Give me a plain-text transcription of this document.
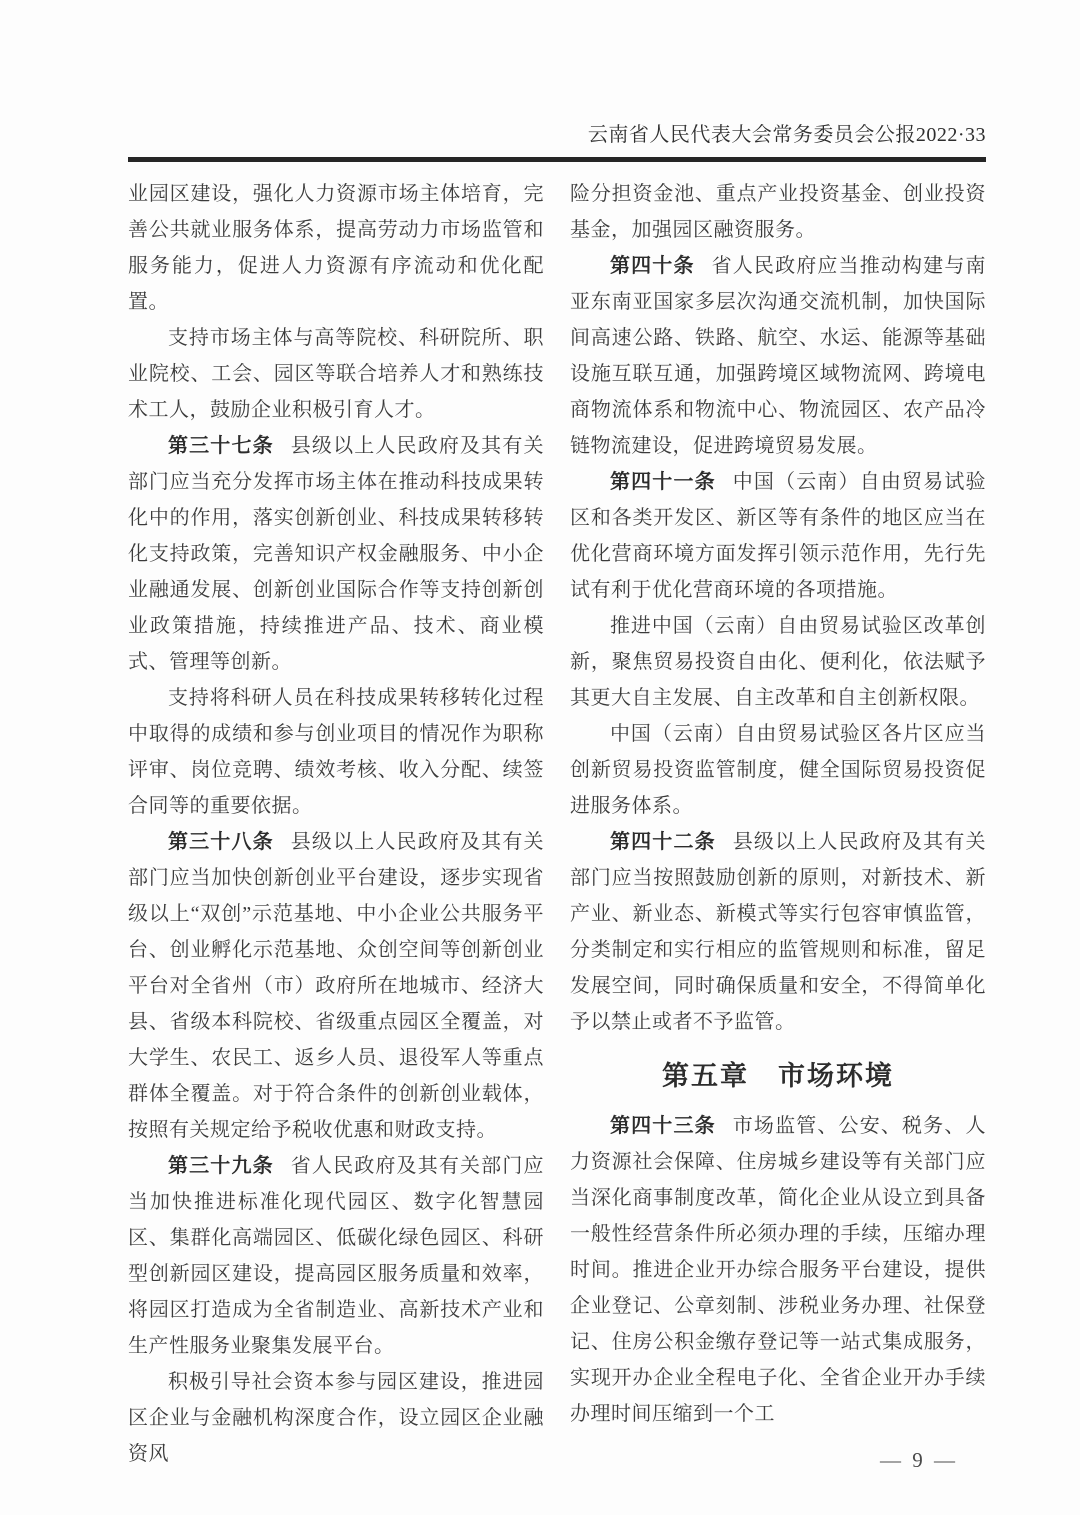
云南省人民代表大会常务委员会公报2022·33

业园区建设，强化人力资源市场主体培育，完善公共就业服务体系，提高劳动力市场监管和服务能力，促进人力资源有序流动和优化配置。

支持市场主体与高等院校、科研院所、职业院校、工会、园区等联合培养人才和熟练技术工人，鼓励企业积极引育人才。

第三十七条 县级以上人民政府及其有关部门应当充分发挥市场主体在推动科技成果转化中的作用，落实创新创业、科技成果转移转化支持政策，完善知识产权金融服务、中小企业融通发展、创新创业国际合作等支持创新创业政策措施，持续推进产品、技术、商业模式、管理等创新。

支持将科研人员在科技成果转移转化过程中取得的成绩和参与创业项目的情况作为职称评审、岗位竞聘、绩效考核、收入分配、续签合同等的重要依据。

第三十八条 县级以上人民政府及其有关部门应当加快创新创业平台建设，逐步实现省级以上“双创”示范基地、中小企业公共服务平台、创业孵化示范基地、众创空间等创新创业平台对全省州（市）政府所在地城市、经济大县、省级本科院校、省级重点园区全覆盖，对大学生、农民工、返乡人员、退役军人等重点群体全覆盖。对于符合条件的创新创业载体，按照有关规定给予税收优惠和财政支持。

第三十九条 省人民政府及其有关部门应当加快推进标准化现代园区、数字化智慧园区、集群化高端园区、低碳化绿色园区、科研型创新园区建设，提高园区服务质量和效率，将园区打造成为全省制造业、高新技术产业和生产性服务业聚集发展平台。

积极引导社会资本参与园区建设，推进园区企业与金融机构深度合作，设立园区企业融资风

险分担资金池、重点产业投资基金、创业投资基金，加强园区融资服务。

第四十条 省人民政府应当推动构建与南亚东南亚国家多层次沟通交流机制，加快国际间高速公路、铁路、航空、水运、能源等基础设施互联互通，加强跨境区域物流网、跨境电商物流体系和物流中心、物流园区、农产品冷链物流建设，促进跨境贸易发展。

第四十一条 中国（云南）自由贸易试验区和各类开发区、新区等有条件的地区应当在优化营商环境方面发挥引领示范作用，先行先试有利于优化营商环境的各项措施。

推进中国（云南）自由贸易试验区改革创新，聚焦贸易投资自由化、便利化，依法赋予其更大自主发展、自主改革和自主创新权限。

中国（云南）自由贸易试验区各片区应当创新贸易投资监管制度，健全国际贸易投资促进服务体系。

第四十二条 县级以上人民政府及其有关部门应当按照鼓励创新的原则，对新技术、新产业、新业态、新模式等实行包容审慎监管，分类制定和实行相应的监管规则和标准，留足发展空间，同时确保质量和安全，不得简单化予以禁止或者不予监管。

第五章　市场环境

第四十三条 市场监管、公安、税务、人力资源社会保障、住房城乡建设等有关部门应当深化商事制度改革，简化企业从设立到具备一般性经营条件所必须办理的手续，压缩办理时间。推进企业开办综合服务平台建设，提供企业登记、公章刻制、涉税业务办理、社保登记、住房公积金缴存登记等一站式集成服务，实现开办企业全程电子化、全省企业开办手续办理时间压缩到一个工

— 9 —
